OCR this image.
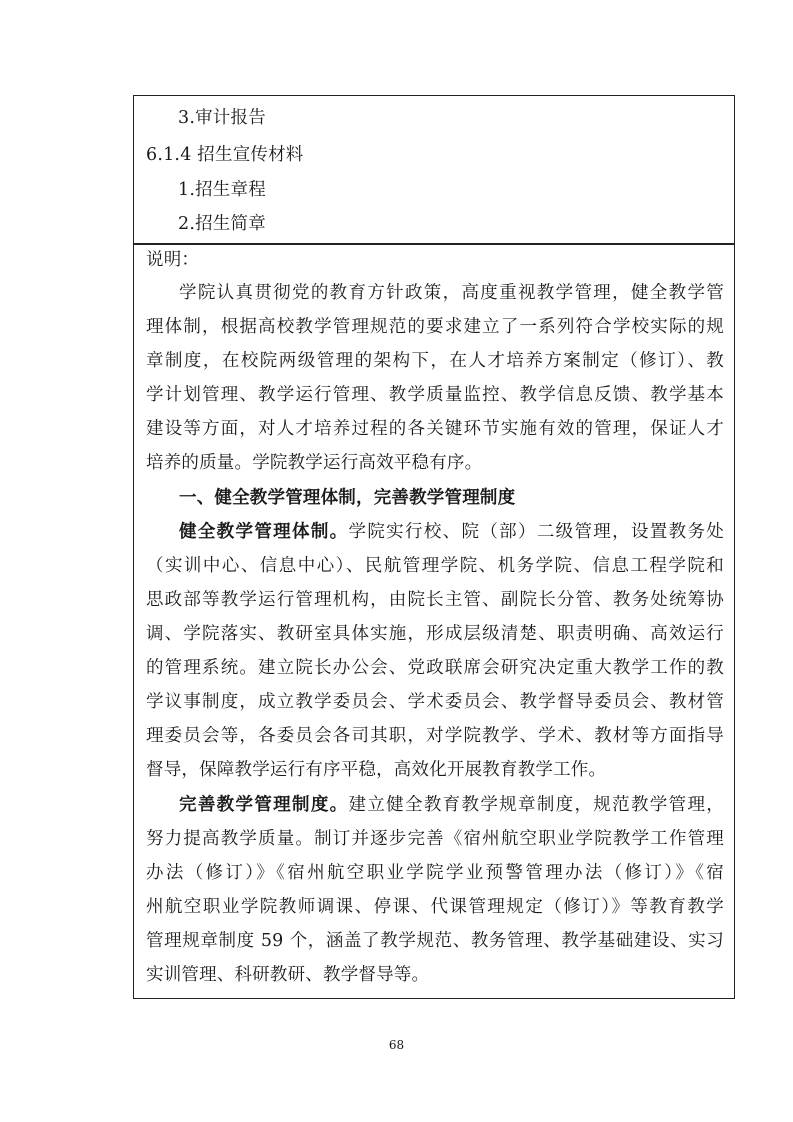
3.审计报告
6.1.4 招生宣传材料
1.招生章程
2.招生简章
说明：
学院认真贯彻党的教育方针政策，高度重视教学管理，健全教学管
理体制，根据高校教学管理规范的要求建立了一系列符合学校实际的规
章制度，在校院两级管理的架构下，在人才培养方案制定（修订）、教
学计划管理、教学运行管理、教学质量监控、教学信息反馈、教学基本
建设等方面，对人才培养过程的各关键环节实施有效的管理，保证人才
培养的质量。学院教学运行高效平稳有序。
一、健全教学管理体制，完善教学管理制度
健全教学管理体制。学院实行校、院（部）二级管理，设置教务处
（实训中心、信息中心）、民航管理学院、机务学院、信息工程学院和
思政部等教学运行管理机构，由院长主管、副院长分管、教务处统筹协
调、学院落实、教研室具体实施，形成层级清楚、职责明确、高效运行
的管理系统。建立院长办公会、党政联席会研究决定重大教学工作的教
学议事制度，成立教学委员会、学术委员会、教学督导委员会、教材管
理委员会等，各委员会各司其职，对学院教学、学术、教材等方面指导
督导，保障教学运行有序平稳，高效化开展教育教学工作。
完善教学管理制度。建立健全教育教学规章制度，规范教学管理，
努力提高教学质量。制订并逐步完善《宿州航空职业学院教学工作管理
办法（修订）》《宿州航空职业学院学业预警管理办法（修订）》《宿
州航空职业学院教师调课、停课、代课管理规定（修订）》等教育教学
管理规章制度 59 个，涵盖了教学规范、教务管理、教学基础建设、实习
实训管理、科研教研、教学督导等。
68
